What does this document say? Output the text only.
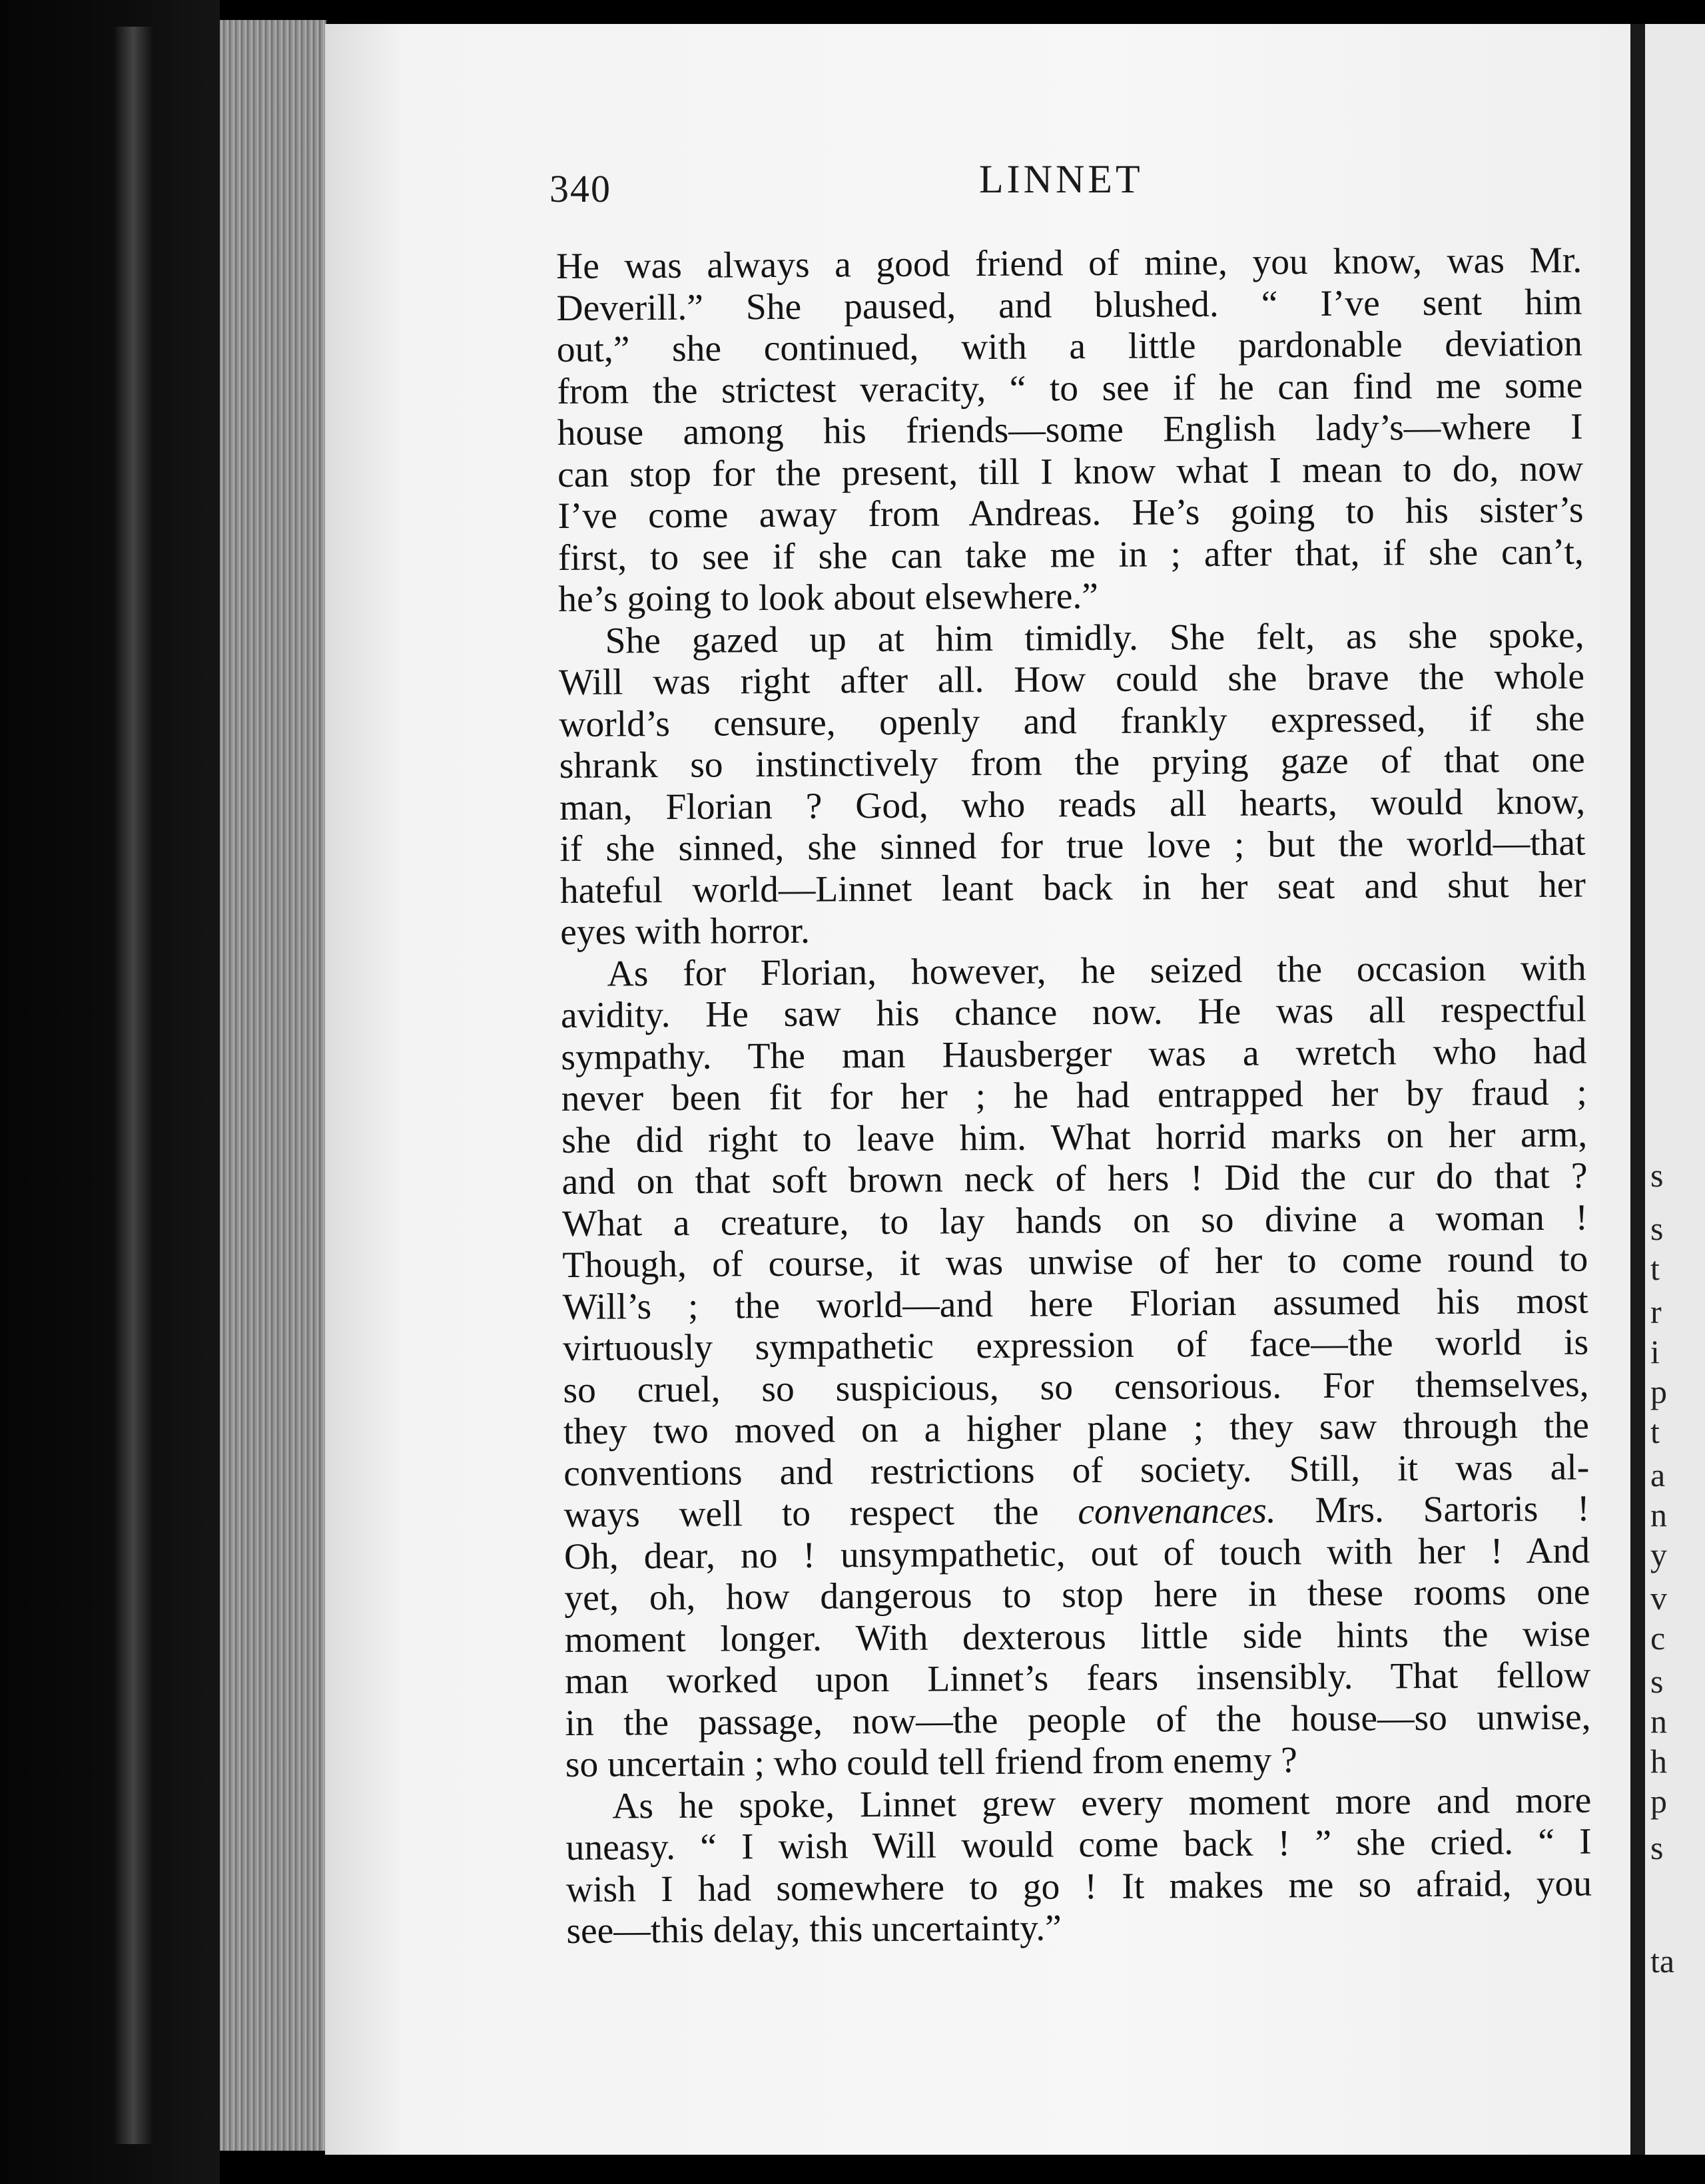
s
s
t
r
i
p
t
a
n
y
v
c
s
n
h
p
s
ta
340	LINNET

He was always a good friend of mine, you know, was Mr.
Deverill.” She paused, and blushed. “ I’ve sent him
out,” she continued, with a little pardonable deviation
from the strictest veracity, “ to see if he can find me some
house among his friends—some English lady’s—where I
can stop for the present, till I know what I mean to do, now
I’ve come away from Andreas. He’s going to his sister’s
first, to see if she can take me in ; after that, if she can’t,
he’s going to look about elsewhere.”

She gazed up at him timidly. She felt, as she spoke,
Will was right after all. How could she brave the whole
world’s censure, openly and frankly expressed, if she
shrank so instinctively from the prying gaze of that one
man, Florian ? God, who reads all hearts, would know,
if she sinned, she sinned for true love ; but the world—that
hateful world—Linnet leant back in her seat and shut her
eyes with horror.

As for Florian, however, he seized the occasion with
avidity. He saw his chance now. He was all respectful
sympathy. The man Hausberger was a wretch who had
never been fit for her ; he had entrapped her by fraud ;
she did right to leave him. What horrid marks on her arm,
and on that soft brown neck of hers ! Did the cur do that ?
What a creature, to lay hands on so divine a woman !
Though, of course, it was unwise of her to come round to
Will’s ; the world—and here Florian assumed his most
virtuously sympathetic expression of face—the world is
so cruel, so suspicious, so censorious. For themselves,
they two moved on a higher plane ; they saw through the
conventions and restrictions of society. Still, it was al-
ways well to respect the convenances. Mrs. Sartoris !
Oh, dear, no ! unsympathetic, out of touch with her ! And
yet, oh, how dangerous to stop here in these rooms one
moment longer. With dexterous little side hints the wise
man worked upon Linnet’s fears insensibly. That fellow
in the passage, now—the people of the house—so unwise,
so uncertain ; who could tell friend from enemy ?

As he spoke, Linnet grew every moment more and more
uneasy. “ I wish Will would come back ! ” she cried. “ I
wish I had somewhere to go ! It makes me so afraid, you
see—this delay, this uncertainty.”
